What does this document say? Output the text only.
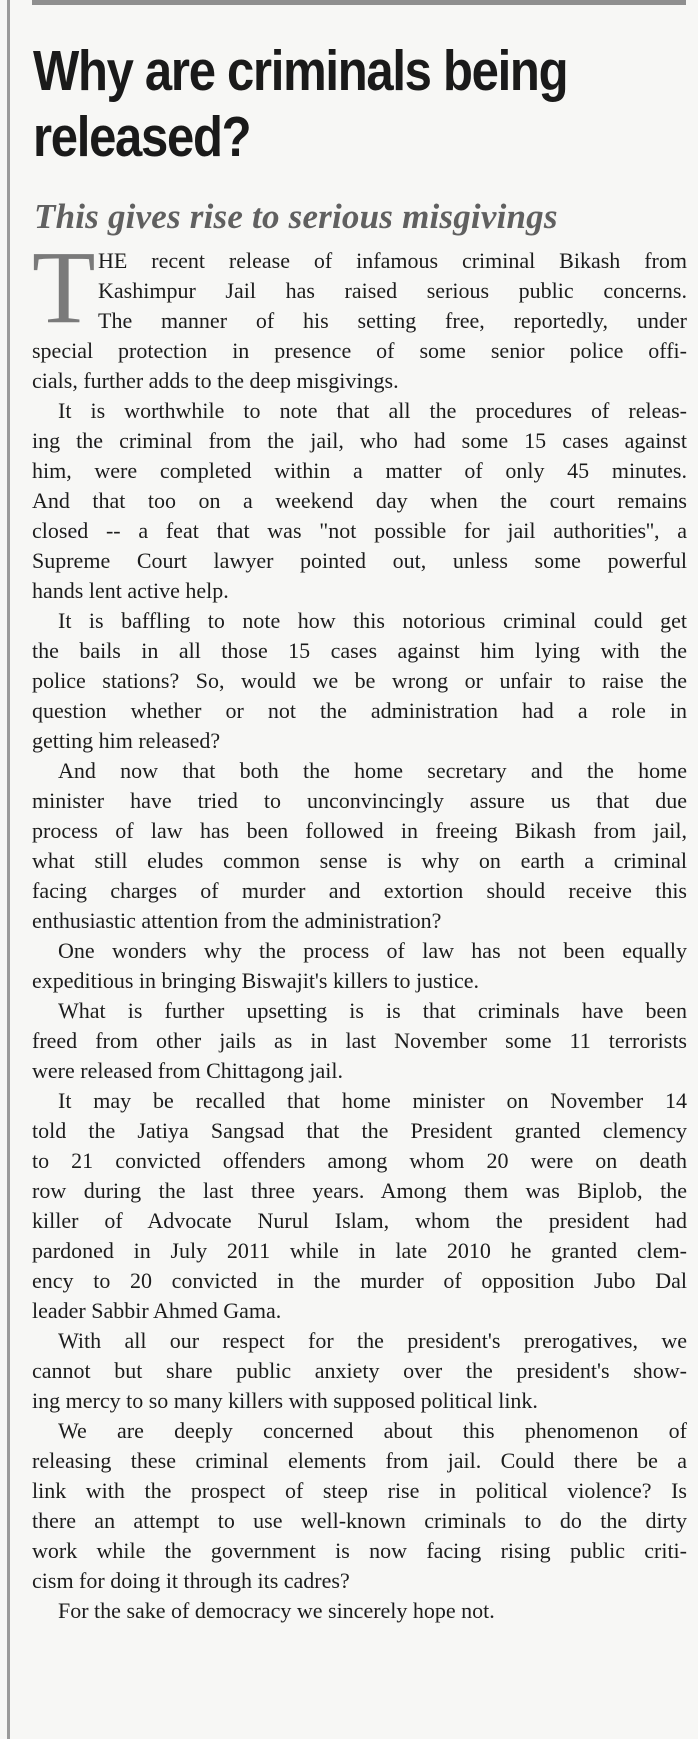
Why are criminals being
released?
This gives rise to serious misgivings
T HE recent release of infamous criminal Bikash from
Kashimpur Jail has raised serious public concerns.
The manner of his setting free, reportedly, under
special protection in presence of some senior police offi-
cials, further adds to the deep misgivings.
It is worthwhile to note that all the procedures of releas-
ing the criminal from the jail, who had some 15 cases against
him, were completed within a matter of only 45 minutes.
And that too on a weekend day when the court remains
closed -- a feat that was "not possible for jail authorities'', a
Supreme Court lawyer pointed out, unless some powerful
hands lent active help.
It is baffling to note how this notorious criminal could get
the bails in all those 15 cases against him lying with the
police stations? So, would we be wrong or unfair to raise the
question whether or not the administration had a role in
getting him released?
And now that both the home secretary and the home
minister have tried to unconvincingly assure us that due
process of law has been followed in freeing Bikash from jail,
what still eludes common sense is why on earth a criminal
facing charges of murder and extortion should receive this
enthusiastic attention from the administration?
One wonders why the process of law has not been equally
expeditious in bringing Biswajit's killers to justice.
What is further upsetting is is that criminals have been
freed from other jails as in last November some 11 terrorists
were released from Chittagong jail.
It may be recalled that home minister on November 14
told the Jatiya Sangsad that the President granted clemency
to 21 convicted offenders among whom 20 were on death
row during the last three years. Among them was Biplob, the
killer of Advocate Nurul Islam, whom the president had
pardoned in July 2011 while in late 2010 he granted clem-
ency to 20 convicted in the murder of opposition Jubo Dal
leader Sabbir Ahmed Gama.
With all our respect for the president's prerogatives, we
cannot but share public anxiety over the president's show-
ing mercy to so many killers with supposed political link.
We are deeply concerned about this phenomenon of
releasing these criminal elements from jail. Could there be a
link with the prospect of steep rise in political violence? Is
there an attempt to use well-known criminals to do the dirty
work while the government is now facing rising public criti-
cism for doing it through its cadres?
For the sake of democracy we sincerely hope not.
